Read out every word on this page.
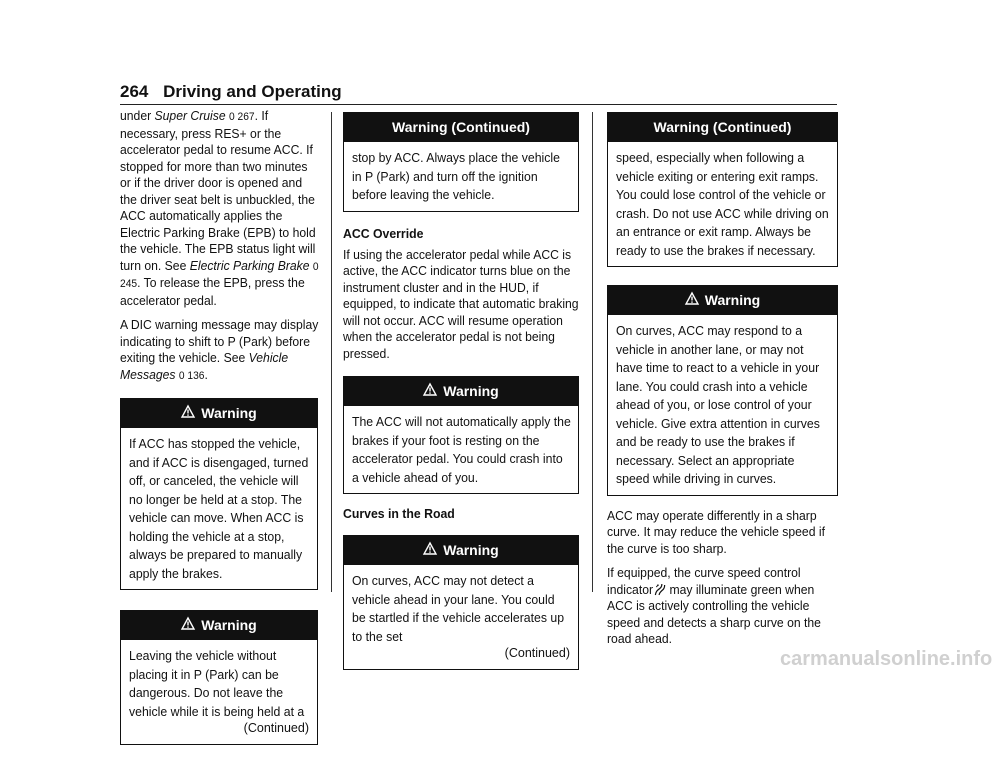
264 Driving and Operating

under Super Cruise 0 267. If necessary, press RES+ or the accelerator pedal to resume ACC. If stopped for more than two minutes or if the driver door is opened and the driver seat belt is unbuckled, the ACC automatically applies the Electric Parking Brake (EPB) to hold the vehicle. The EPB status light will turn on. See Electric Parking Brake 0 245. To release the EPB, press the accelerator pedal.

A DIC warning message may display indicating to shift to P (Park) before exiting the vehicle. See Vehicle Messages 0 136.

Warning
If ACC has stopped the vehicle, and if ACC is disengaged, turned off, or canceled, the vehicle will no longer be held at a stop. The vehicle can move. When ACC is holding the vehicle at a stop, always be prepared to manually apply the brakes.
Warning
Leaving the vehicle without placing it in P (Park) can be dangerous. Do not leave the vehicle while it is being held at a
(Continued)
Warning (Continued)
stop by ACC. Always place the vehicle in P (Park) and turn off the ignition before leaving the vehicle.
ACC Override

If using the accelerator pedal while ACC is active, the ACC indicator turns blue on the instrument cluster and in the HUD, if equipped, to indicate that automatic braking will not occur. ACC will resume operation when the accelerator pedal is not being pressed.

Warning
The ACC will not automatically apply the brakes if your foot is resting on the accelerator pedal. You could crash into a vehicle ahead of you.
Curves in the Road
Warning
On curves, ACC may not detect a vehicle ahead in your lane. You could be startled if the vehicle accelerates up to the set
(Continued)
Warning (Continued)
speed, especially when following a vehicle exiting or entering exit ramps. You could lose control of the vehicle or crash. Do not use ACC while driving on an entrance or exit ramp. Always be ready to use the brakes if necessary.
Warning
On curves, ACC may respond to a vehicle in another lane, or may not have time to react to a vehicle in your lane. You could crash into a vehicle ahead of you, or lose control of your vehicle. Give extra attention in curves and be ready to use the brakes if necessary. Select an appropriate speed while driving in curves.

ACC may operate differently in a sharp curve. It may reduce the vehicle speed if the curve is too sharp.

If equipped, the curve speed control indicator may illuminate green when ACC is actively controlling the vehicle speed and detects a sharp curve on the road ahead.

carmanualsonline.info
